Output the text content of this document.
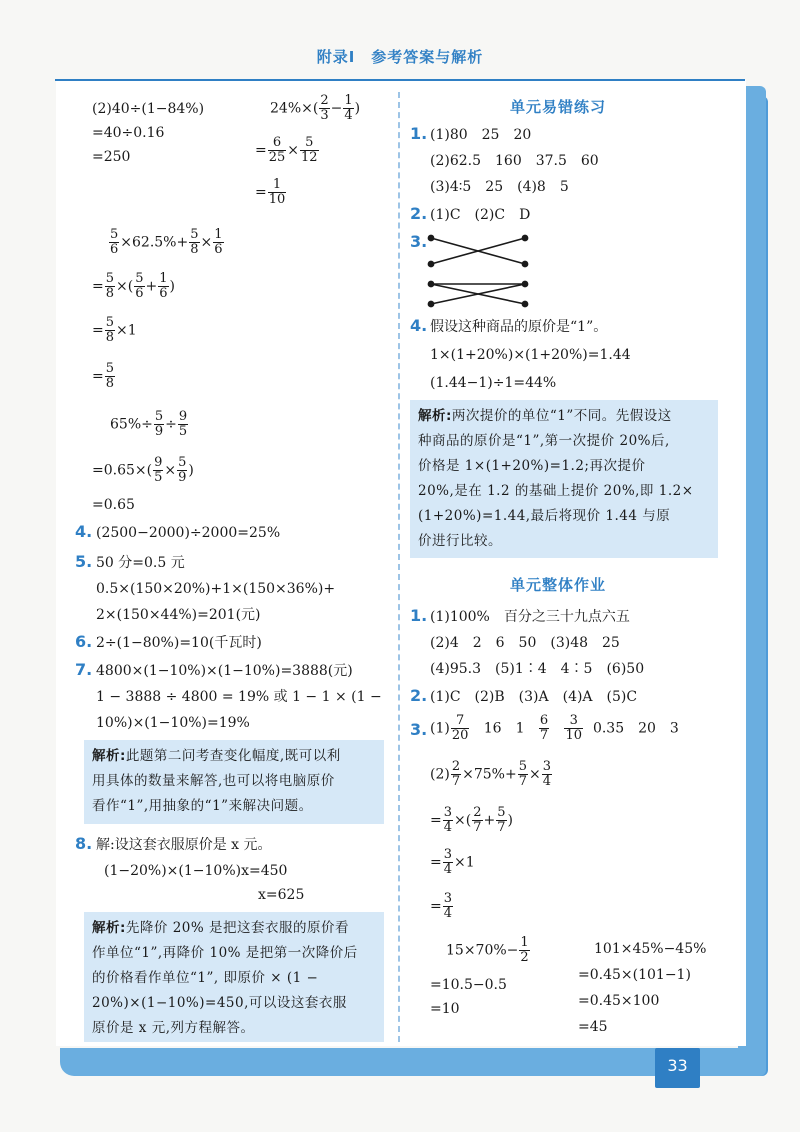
附录Ⅰ　参考答案与解析
33
(2)40÷(1−84%)
=40÷0.16
=250
$24\%\times( \frac{2}{3} - \frac{1}{4}$ )
= $\frac{6}{25} \times \frac{5}{12}$
= $\frac{1}{10}$
$\frac{5}{6} \times 62.5\%+ \frac{5}{8} \times \frac{1}{6}$
= $\frac{5}{8}$ ×( $\frac{5}{6} + \frac{1}{6}$ )
= $\frac{5}{8} \times 1$
= $\frac{5}{8}$
$65\%\div \frac{5}{9} \div \frac{9}{5}$
$=0.65\times( \frac{9}{5} \times \frac{5}{9}$ )
=0.65
4. (2500−2000)÷2000=25%
5. 50 分=0.5 元
0.5×(150×20%)+1×(150×36%)+
2×(150×44%)=201(元)
6. 2÷(1−80%)=10(千瓦时)
7. 4800×(1−10%)×(1−10%)=3888(元)
1 − 3888 ÷ 4800 = 19% 或 1 − 1 × (1 −
10%)×(1−10%)=19%
解析:此题第二问考查变化幅度,既可以利
用具体的数量来解答,也可以将电脑原价
看作“1”,用抽象的“1”来解决问题。
8. 解:设这套衣服原价是 x 元。
(1−20%)×(1−10%)x=450
x=625
解析:先降价 20% 是把这套衣服的原价看
作单位“1”,再降价 10% 是把第一次降价后
的价格看作单位“1”, 即原价 × (1 −
20%)×(1−10%)=450,可以设这套衣服
原价是 x 元,列方程解答。
单元易错练习
1. (1)80　25　20
(2)62.5　160　37.5　60
(3)4∶5　25　(4)8　5
2. (1)C　(2)C　D
3.
4. 假设这种商品的原价是“1”。
1×(1+20%)×(1+20%)=1.44
(1.44−1)÷1=44%
解析:两次提价的单位“1”不同。先假设这
种商品的原价是“1”,第一次提价 20%后,
价格是 1×(1+20%)=1.2;再次提价
20%,是在 1.2 的基础上提价 20%,即 1.2×
(1+20%)=1.44,最后将现价 1.44 与原
价进行比较。
单元整体作业
1. (1)100%　百分之三十九点六五
(2)4　2　6　50　(3)48　25
(4)95.3　(5)1∶4　4∶5　(6)50
2. (1)C　(2)B　(3)A　(4)A　(5)C
3. $(1) \frac{7}{20} 16$　$1 \frac{6}{7}$
$\frac{3}{10} 0.35$　20　3
$(2) \frac{2}{7} \times 75\%+ \frac{5}{7} \times \frac{3}{4}$
= $\frac{3}{4}$ ×( $\frac{2}{7} + \frac{5}{7}$ )
= $\frac{3}{4} \times 1$
= $\frac{3}{4}$
$15\times 70\%- \frac{1}{2}$
=10.5−0.5
=10
101×45%−45%
=0.45×(101−1)
=0.45×100
=45
